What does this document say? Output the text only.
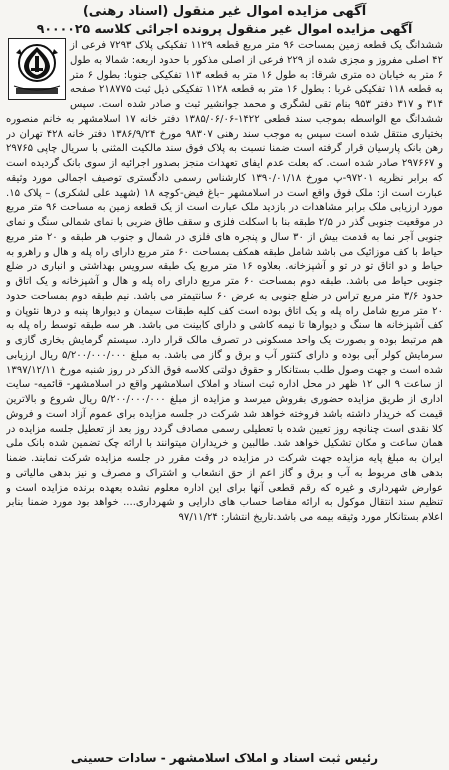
آگهی مزایده اموال غیر منقول (اسناد رهنی)
آگهی مزایده اموال غیر منقول پرونده اجرائی کلاسه ۹۰۰۰۰۲۵
ششدانگ یک قطعه زمین بمساحت ۹۶ متر مربع قطعه ۱۱۲۹ تفکیکی پلاک ۷۲۹۳ فرعی از ۴۲ اصلی مفروز و مجزی شده از ۲۲۹ فرعی از اصلی مذکور با حدود اربعه: شمالا به طول ۶ متر به خیابان ده متری شرقا: به طول ۱۶ متر به قطعه ۱۱۳ تفکیکی جنوبا: بطول ۶ متر به قطعه ۱۱۸ تفکیکی غربا : بطول ۱۶ متر به قطعه ۱۱۲۸ تفکیکی ذیل ثبت ۲۱۸۷۷۵ صفحه ۳۱۴ و ۳۱۷ دفتر ۹۵۳ بنام تقی لشگری و محمد جوانشیر ثبت و صادر شده است. سپس ششدانگ مع الواسطه بموجب سند قطعی ۱۴۲۲-۱۳۸۵/۰۶/۰۶ دفتر خانه ۱۷ اسلامشهر به خانم منصوره بختیاری منتقل شده است سپس به موجب سند رهنی ۹۸۳۰۷ مورخ ۱۳۸۶/۹/۲۴ دفتر خانه ۴۲۸ تهران در رهن بانک پارسیان قرار گرفته است ضمنا نسبت به پلاک فوق سند مالکیت المثنی با سریال چاپی ۲۹۷۶۵ و ۲۹۷۶۶۷ صادر شده است. که بعلت عدم ایفای تعهدات منجز بصدور اجرائیه از سوی بانک گردیده است که برابر نظریه ۹۷۲۰۱-پ مورخ ۱۳۹۰/۰۱/۱۸ کارشناس رسمی دادگستری توصیف اجمالی مورد وثیقه عبارت است از: ملک فوق واقع است در اسلامشهر –باغ فیض-کوچه ۱۸ (شهید علی لشکری) – پلاک ۱۵. مورد ارزیابی ملک برابر مشاهدات در بازدید ملک عبارت است از یک قطعه زمین به مساحت ۹۶ متر مربع در موقعیت جنوبی گذر در ۲/۵ طبقه بنا با اسکلت فلزی و سقف طاق ضربی با نمای شمالی سنگ و نمای جنوبی آجر نما به قدمت بیش از ۳۰ سال و پنجره های فلزی در شمال و جنوب هر طبقه و ۲۰ متر مربع حیاط با کف موزائیک می باشد شامل طبقه همکف بمساحت ۶۰ متر مربع دارای راه پله و هال و راهرو به حیاط و دو اتاق تو در تو و آشپزخانه. بعلاوه ۱۶ متر مربع یک طبقه سرویس بهداشتی و انباری در ضلع جنوبی حیاط می باشد. طبقه دوم بمساحت ۶۰ متر مربع دارای راه پله و هال و آشپزخانه و یک اتاق و حدود ۳/۶ متر مربع تراس در ضلع جنوبی به عرض ۶۰ سانتیمتر می باشد. نیم طبقه دوم بمساحت حدود ۲۰ متر مربع شامل راه پله و یک اتاق بوده است کف کلیه طبقات سیمان و دیوارها پنبه و درها نئوپان و کف آشپزخانه ها سنگ و دیوارها تا نیمه کاشی و دارای کابینت می باشد. هر سه طبقه توسط راه پله به هم مرتبط بوده و بصورت یک واحد مسکونی در تصرف مالک قرار دارد. سیستم گرمایش بخاری گازی و سرمایش کولر آبی بوده و دارای کنتور آب و برق و گاز می باشد. به مبلغ ۵/۲۰۰/۰۰۰/۰۰۰ ریال ارزیابی شده است و جهت وصول طلب بستانکار و حقوق دولتی کلاسه فوق الذکر در روز شنبه مورخ ۱۳۹۷/۱۲/۱۱ از ساعت ۹ الی ۱۲ ظهر در محل اداره ثبت اسناد و املاک اسلامشهر واقع در اسلامشهر- قائمیه- سایت اداری از طریق مزایده حضوری بفروش میرسد و مزایده از مبلغ ۵/۲۰۰/۰۰۰/۰۰۰ ریال شروع و بالاترین قیمت که خریدار داشته باشد فروخته خواهد شد شرکت در جلسه مزایده برای عموم آزاد است و فروش کلا نقدی است چنانچه روز تعیین شده با تعطیلی رسمی مصادف گردد روز بعد از تعطیل جلسه مزایده در همان ساعت و مکان تشکیل خواهد شد. طالبین و خریداران میتوانند با ارائه چک تضمین شده بانک ملی ایران به مبلغ پایه مزایده جهت شرکت در مزایده در وقت مقرر در جلسه مزایده شرکت نمایند. ضمنا بدهی های مربوط به آب و برق و گاز اعم از حق انشعاب و اشتراک و مصرف و نیز بدهی مالیاتی و عوارض شهرداری و غیره که رقم قطعی آنها برای این اداره معلوم نشده بعهده برنده مزایده است و تنظیم سند انتقال موکول به ارائه مفاصا حساب های دارایی و شهرداری.... خواهد بود مورد ضمنا بنابر اعلام بستانکار مورد وثیقه بیمه می باشد.تاریخ انتشار: ۹۷/۱۱/۲۴
رئیس ثبت اسناد و املاک اسلامشهر - سادات حسینی
